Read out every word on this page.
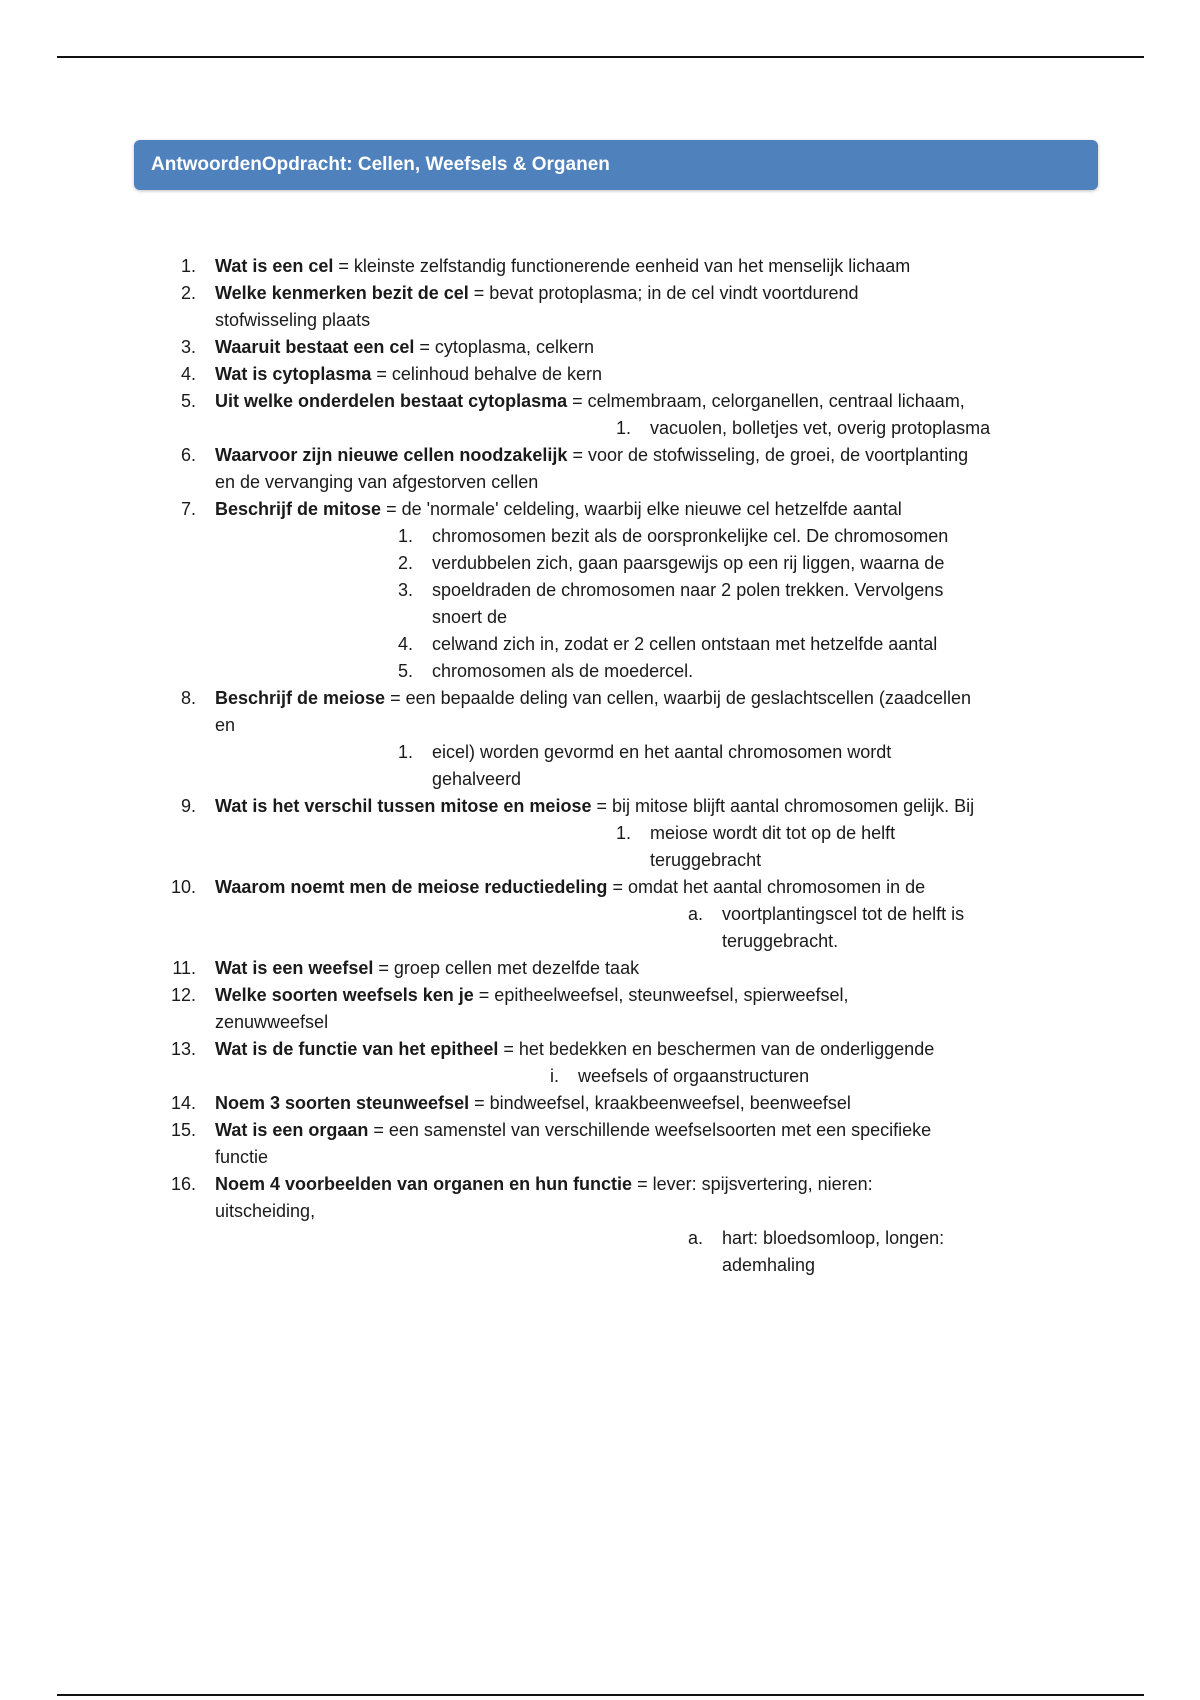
AntwoordenOpdracht: Cellen, Weefsels & Organen
1. Wat is een cel = kleinste zelfstandig functionerende eenheid van het menselijk lichaam
2. Welke kenmerken bezit de cel = bevat protoplasma; in de cel vindt voortdurend
stofwisseling plaats
3. Waaruit bestaat een cel = cytoplasma, celkern
4. Wat is cytoplasma = celinhoud behalve de kern
5. Uit welke onderdelen bestaat cytoplasma = celmembraam, celorganellen, centraal lichaam,
1. vacuolen, bolletjes vet, overig protoplasma
6. Waarvoor zijn nieuwe cellen noodzakelijk = voor de stofwisseling, de groei, de voortplanting
en de vervanging van afgestorven cellen
7. Beschrijf de mitose = de 'normale' celdeling, waarbij elke nieuwe cel hetzelfde aantal
1. chromosomen bezit als de oorspronkelijke cel. De chromosomen
2. verdubbelen zich, gaan paarsgewijs op een rij liggen, waarna de
3. spoeldraden de chromosomen naar 2 polen trekken. Vervolgens
snoert de
4. celwand zich in, zodat er 2 cellen ontstaan met hetzelfde aantal
5. chromosomen als de moedercel.
8. Beschrijf de meiose = een bepaalde deling van cellen, waarbij de geslachtscellen (zaadcellen
en
1. eicel) worden gevormd en het aantal chromosomen wordt
gehalveerd
9. Wat is het verschil tussen mitose en meiose = bij mitose blijft aantal chromosomen gelijk. Bij
1. meiose wordt dit tot op de helft
teruggebracht
10. Waarom noemt men de meiose reductiedeling = omdat het aantal chromosomen in de
a. voortplantingscel tot de helft is
teruggebracht.
11. Wat is een weefsel = groep cellen met dezelfde taak
12. Welke soorten weefsels ken je = epitheelweefsel, steunweefsel, spierweefsel,
zenuwweefsel
13. Wat is de functie van het epitheel = het bedekken en beschermen van de onderliggende
i. weefsels of orgaanstructuren
14. Noem 3 soorten steunweefsel = bindweefsel, kraakbeenweefsel, beenweefsel
15. Wat is een orgaan = een samenstel van verschillende weefselsoorten met een specifieke
functie
16. Noem 4 voorbeelden van organen en hun functie = lever: spijsvertering, nieren:
uitscheiding,
a. hart: bloedsomloop, longen:
ademhaling
